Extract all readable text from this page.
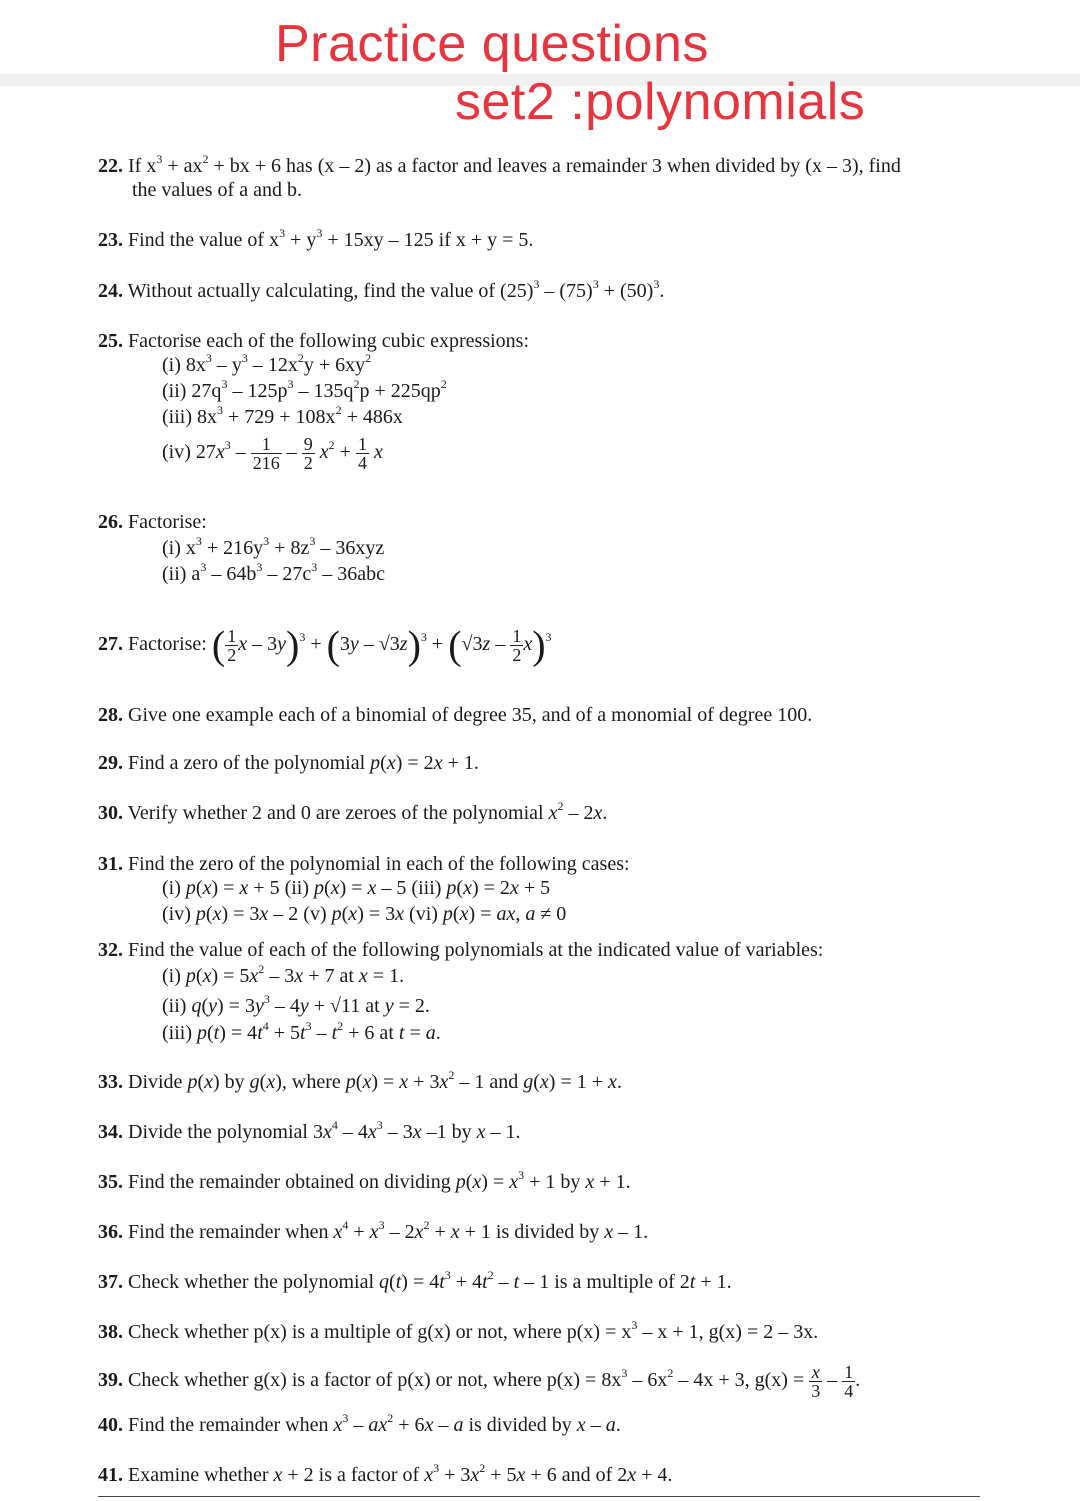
Practice questions
set2 :polynomials
22. If $x^3 + ax^2$ + bx + 6 has (x – 2) as a factor and leaves a remainder 3 when divided by (x – 3), find
the values of a and b.
23. Find the value of $x^3 + y^3 + 15xy - 125$ if x + y = 5.
24. Without actually calculating, find the value of $(25)^3 - (75)^3 + (50)^3$.
25. Factorise each of the following cubic expressions:
(i) $8x^3 - y^3 - 12x^2y + 6xy^2$
(ii) $27q^3 - 125p^3 - 135q^2p + 225qp^2$
(iii) $8x^3 + 729 + 108x^2 + 486x$
(iv) $27x^3 - \frac{1}{216} - \frac{9}{2} x^2 + \frac{1}{4}$ x
26. Factorise:
(i) $x^3 + 216y^3 + 8z^3 - 36xyz$
(ii) $a^3 - 64b^3 - 27c^3 - 36abc$
27. Factorise: ( $\frac{1}{2}$ $x - 3y)^3 + (3y - √3z)^3 + (√3z - \frac{1}{2} x)^3$
28. Give one example each of a binomial of degree 35, and of a monomial of degree 100.
29. Find a zero of the polynomial p(x) = 2x + 1.
30. Verify whether 2 and 0 are zeroes of the polynomial $x^2 - 2x$.
31. Find the zero of the polynomial in each of the following cases:
(i) p(x) = x + 5 (ii) p(x) = x – 5 (iii) p(x) = 2x + 5
(iv) p(x) = 3x – 2 (v) p(x) = 3x (vi) p(x) = ax, a ≠ 0
32. Find the value of each of the following polynomials at the indicated value of variables:
(i) $p(x) = 5x^2 - 3x + 7$ at x = 1.
(ii) $q(y) = 3y^3 - 4y + √11$ at y = 2.
(iii) $p(t) = 4t^4 + 5t^3 - t^2 + 6$ at t = a.
33. Divide p(x) by g(x), where $p(x) = x + 3x^2 - 1$ and g(x) = 1 + x.
34. Divide the polynomial $3x^4 - 4x^3 - 3x$ –1 by x – 1.
35. Find the remainder obtained on dividing $p(x) = x^3 + 1$ by x + 1.
36. Find the remainder when $x^4 + x^3 - 2x^2 + x + 1$ is divided by x – 1.
37. Check whether the polynomial $q(t) = 4t^3 + 4t^2 - t - 1$ is a multiple of 2t + 1.
38. Check whether p(x) is a multiple of g(x) or not, where $p(x) = x^3 - x + 1$, g(x) = 2 – 3x.
39. Check whether g(x) is a factor of p(x) or not, where $p(x) = 8x^3 - 6x^2 - 4x + 3$, $g(x) = \frac{x}{3} - \frac{1}{4}$ .
40. Find the remainder when $x^3 - ax^2 + 6x - a$ is divided by x – a.
41. Examine whether x + 2 is a factor of $x^3 + 3x^2 + 5x + 6$ and of 2x + 4.
